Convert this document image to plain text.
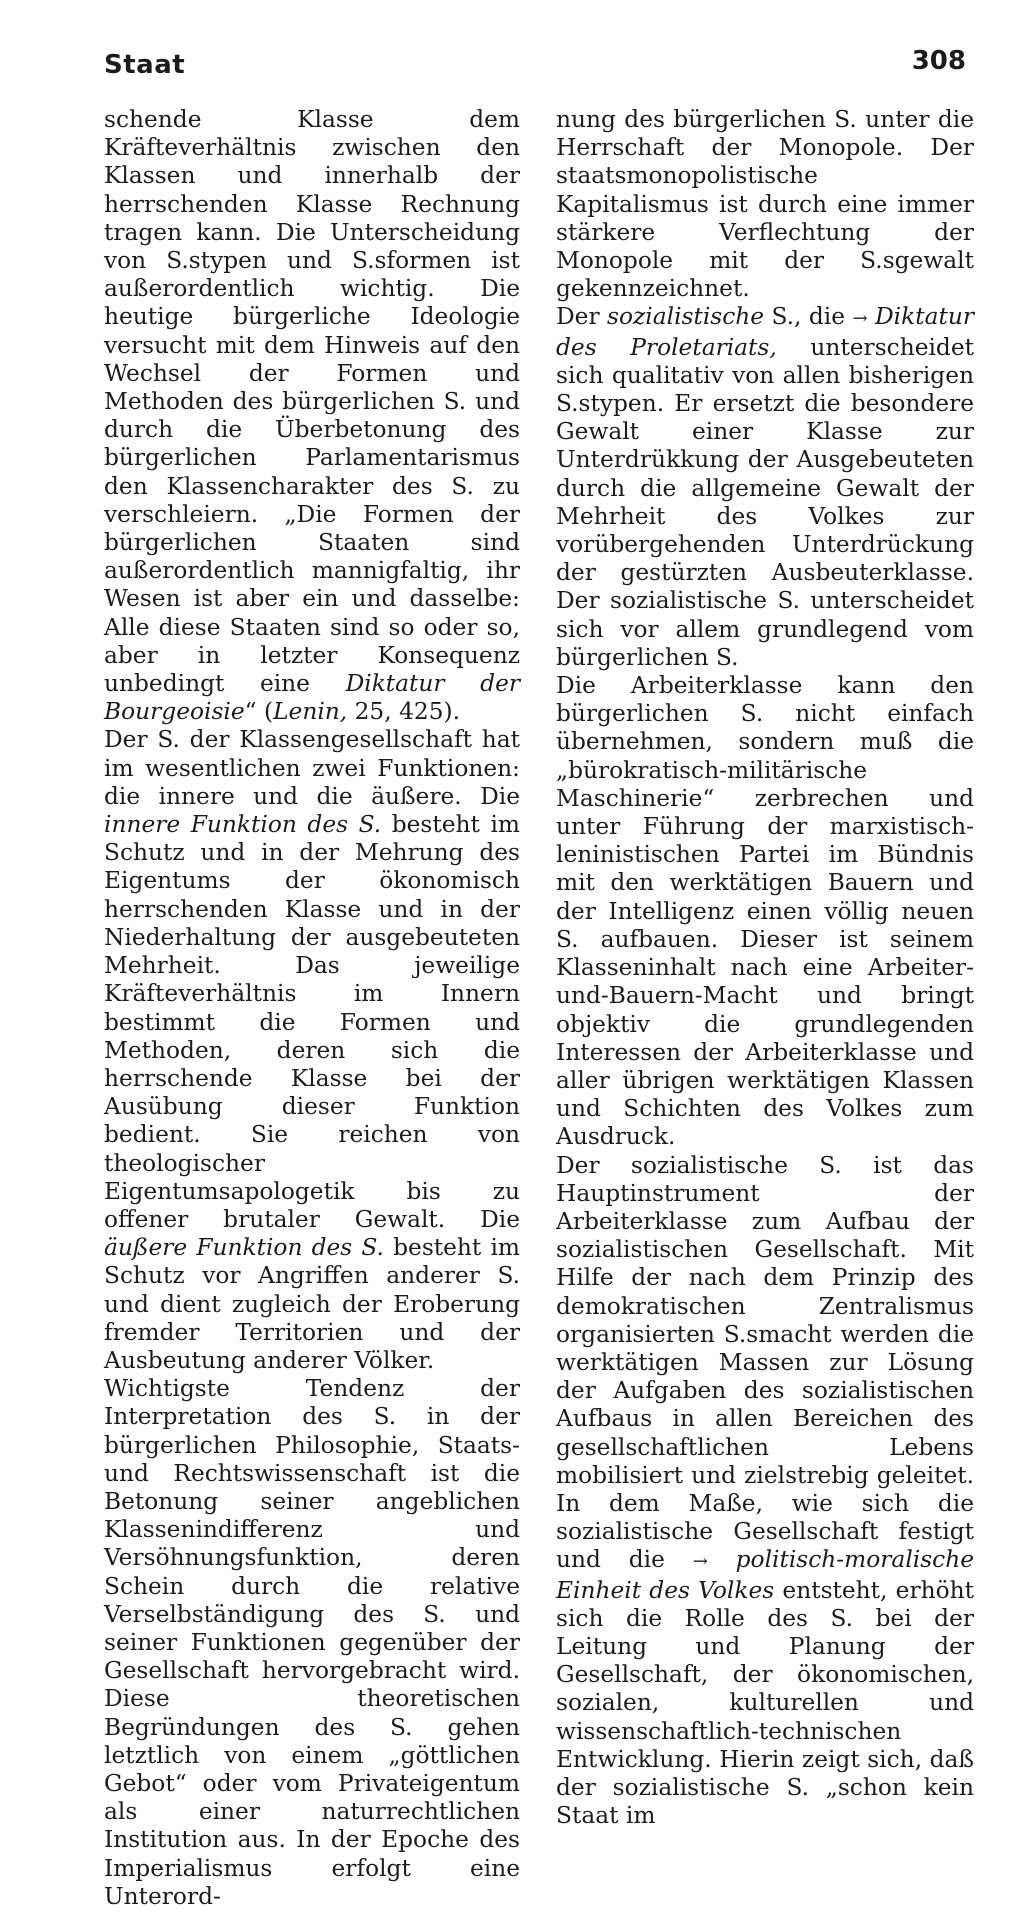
Staat	308

schende Klasse dem Kräfteverhältnis zwischen den Klassen und innerhalb der herrschenden Klasse Rechnung tragen kann. Die Unterscheidung von S.stypen und S.sformen ist außerordentlich wichtig. Die heutige bürgerliche Ideologie versucht mit dem Hinweis auf den Wechsel der Formen und Methoden des bürgerlichen S. und durch die Überbetonung des bürgerlichen Parlamentarismus den Klassencharakter des S. zu verschleiern. „Die Formen der bürgerlichen Staaten sind außerordentlich mannigfaltig, ihr Wesen ist aber ein und dasselbe: Alle diese Staaten sind so oder so, aber in letzter Konsequenz unbedingt eine Diktatur der Bourgeoisie“ (Lenin, 25, 425).

Der S. der Klassengesellschaft hat im wesentlichen zwei Funktionen: die innere und die äußere. Die innere Funktion des S. besteht im Schutz und in der Mehrung des Eigentums der ökonomisch herrschenden Klasse und in der Niederhaltung der ausgebeuteten Mehrheit. Das jeweilige Kräfteverhältnis im Innern bestimmt die Formen und Methoden, deren sich die herrschende Klasse bei der Ausübung dieser Funktion bedient. Sie reichen von theologischer Eigentumsapologetik bis zu offener brutaler Gewalt. Die äußere Funktion des S. besteht im Schutz vor Angriffen anderer S. und dient zugleich der Eroberung fremder Territorien und der Ausbeutung anderer Völker.

Wichtigste Tendenz der Interpretation des S. in der bürgerlichen Philosophie, Staats- und Rechtswissenschaft ist die Betonung seiner angeblichen Klassenindifferenz und Versöhnungsfunktion, deren Schein durch die relative Verselbständigung des S. und seiner Funktionen gegenüber der Gesellschaft hervorgebracht wird. Diese theoretischen Begründungen des S. gehen letztlich von einem „göttlichen Gebot“ oder vom Privateigentum als einer naturrechtlichen Institution aus. In der Epoche des Imperialismus erfolgt eine Unterord-

nung des bürgerlichen S. unter die Herrschaft der Monopole. Der staatsmonopolistische Kapitalismus ist durch eine immer stärkere Verflechtung der Monopole mit der S.sgewalt gekennzeichnet.

Der sozialistische S., die → Diktatur des Proletariats, unterscheidet sich qualitativ von allen bisherigen S.stypen. Er ersetzt die besondere Gewalt einer Klasse zur Unterdrükkung der Ausgebeuteten durch die allgemeine Gewalt der Mehrheit des Volkes zur vorübergehenden Unterdrückung der gestürzten Ausbeuterklasse. Der sozialistische S. unterscheidet sich vor allem grundlegend vom bürgerlichen S.

Die Arbeiterklasse kann den bürgerlichen S. nicht einfach übernehmen, sondern muß die „bürokratisch-militärische Maschinerie“ zerbrechen und unter Führung der marxistisch-leninistischen Partei im Bündnis mit den werktätigen Bauern und der Intelligenz einen völlig neuen S. aufbauen. Dieser ist seinem Klasseninhalt nach eine Arbeiter-und-Bauern-Macht und bringt objektiv die grundlegenden Interessen der Arbeiterklasse und aller übrigen werktätigen Klassen und Schichten des Volkes zum Ausdruck.

Der sozialistische S. ist das Hauptinstrument der Arbeiterklasse zum Aufbau der sozialistischen Gesellschaft. Mit Hilfe der nach dem Prinzip des demokratischen Zentralismus organisierten S.smacht werden die werktätigen Massen zur Lösung der Aufgaben des sozialistischen Aufbaus in allen Bereichen des gesellschaftlichen Lebens mobilisiert und zielstrebig geleitet. In dem Maße, wie sich die sozialistische Gesellschaft festigt und die → politisch-moralische Einheit des Volkes entsteht, erhöht sich die Rolle des S. bei der Leitung und Planung der Gesellschaft, der ökonomischen, sozialen, kulturellen und wissenschaftlich-technischen Entwicklung. Hierin zeigt sich, daß der sozialistische S. „schon kein Staat im
